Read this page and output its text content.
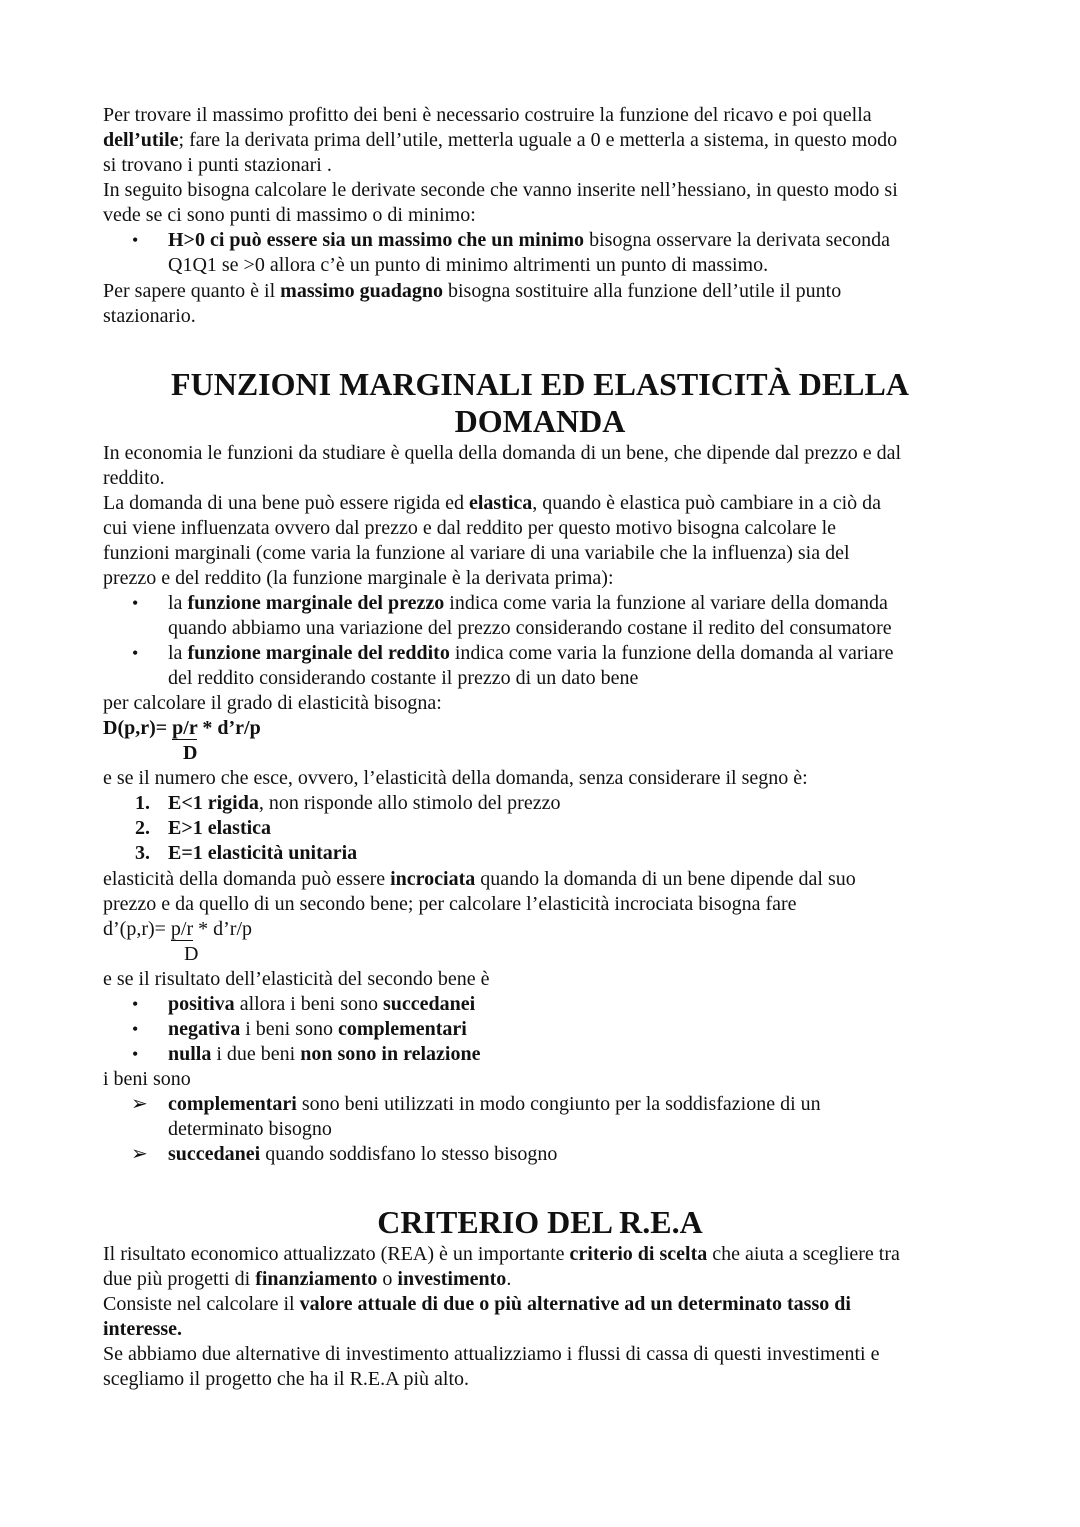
Per trovare il massimo profitto dei beni è necessario costruire la funzione del ricavo e poi quella

dell’utile; fare la derivata prima dell’utile, metterla uguale a 0 e metterla a sistema, in questo modo

si trovano i punti stazionari .

In seguito bisogna calcolare le derivate seconde che vanno inserite nell’hessiano, in questo modo si

vede se ci sono punti di massimo o di minimo:

•	H>0 ci può essere sia un massimo che un minimo bisogna osservare la derivata seconda

Q1Q1 se >0 allora c’è un punto di minimo altrimenti un punto di massimo.

Per sapere quanto è il massimo guadagno bisogna sostituire alla funzione dell’utile il punto

stazionario.

FUNZIONI MARGINALI ED ELASTICITÀ DELLA
DOMANDA

In economia le funzioni da studiare è quella della domanda di un bene, che dipende dal prezzo e dal

reddito.

La domanda di una bene può essere rigida ed elastica, quando è elastica può cambiare in a ciò da

cui viene influenzata ovvero dal prezzo e dal reddito per questo motivo bisogna calcolare le

funzioni marginali (come varia la funzione al variare di una variabile che la influenza) sia del

prezzo e del reddito (la funzione marginale è la derivata prima):

•	la funzione marginale del prezzo indica come varia la funzione al variare della domanda

quando abbiamo una variazione del prezzo considerando costane il redito del consumatore

•	la funzione marginale del reddito indica come varia la funzione della domanda al variare

del reddito considerando costante il prezzo di un dato bene

per calcolare il grado di elasticità bisogna:

D(p,r)= p/r * d’r/p
D

e se il numero che esce, ovvero, l’elasticità della domanda, senza considerare il segno è:

1. E<1 rigida, non risponde allo stimolo del prezzo

2. E>1 elastica

3. E=1 elasticità unitaria

elasticità della domanda può essere incrociata quando la domanda di un bene dipende dal suo

prezzo e da quello di un secondo bene; per calcolare l’elasticità incrociata bisogna fare

d’(p,r)= p/r * d’r/p
D

e se il risultato dell’elasticità del secondo bene è

•	positiva allora i beni sono succedanei

•	negativa i beni sono complementari

•	nulla i due beni non sono in relazione

i beni sono

➢ complementari sono beni utilizzati in modo congiunto per la soddisfazione di un

determinato bisogno

➢ succedanei quando soddisfano lo stesso bisogno

CRITERIO DEL R.E.A

Il risultato economico attualizzato (REA) è un importante criterio di scelta che aiuta a scegliere tra

due più progetti di finanziamento o investimento.

Consiste nel calcolare il valore attuale di due o più alternative ad un determinato tasso di

interesse.

Se abbiamo due alternative di investimento attualizziamo i flussi di cassa di questi investimenti e

scegliamo il progetto che ha il R.E.A più alto.
